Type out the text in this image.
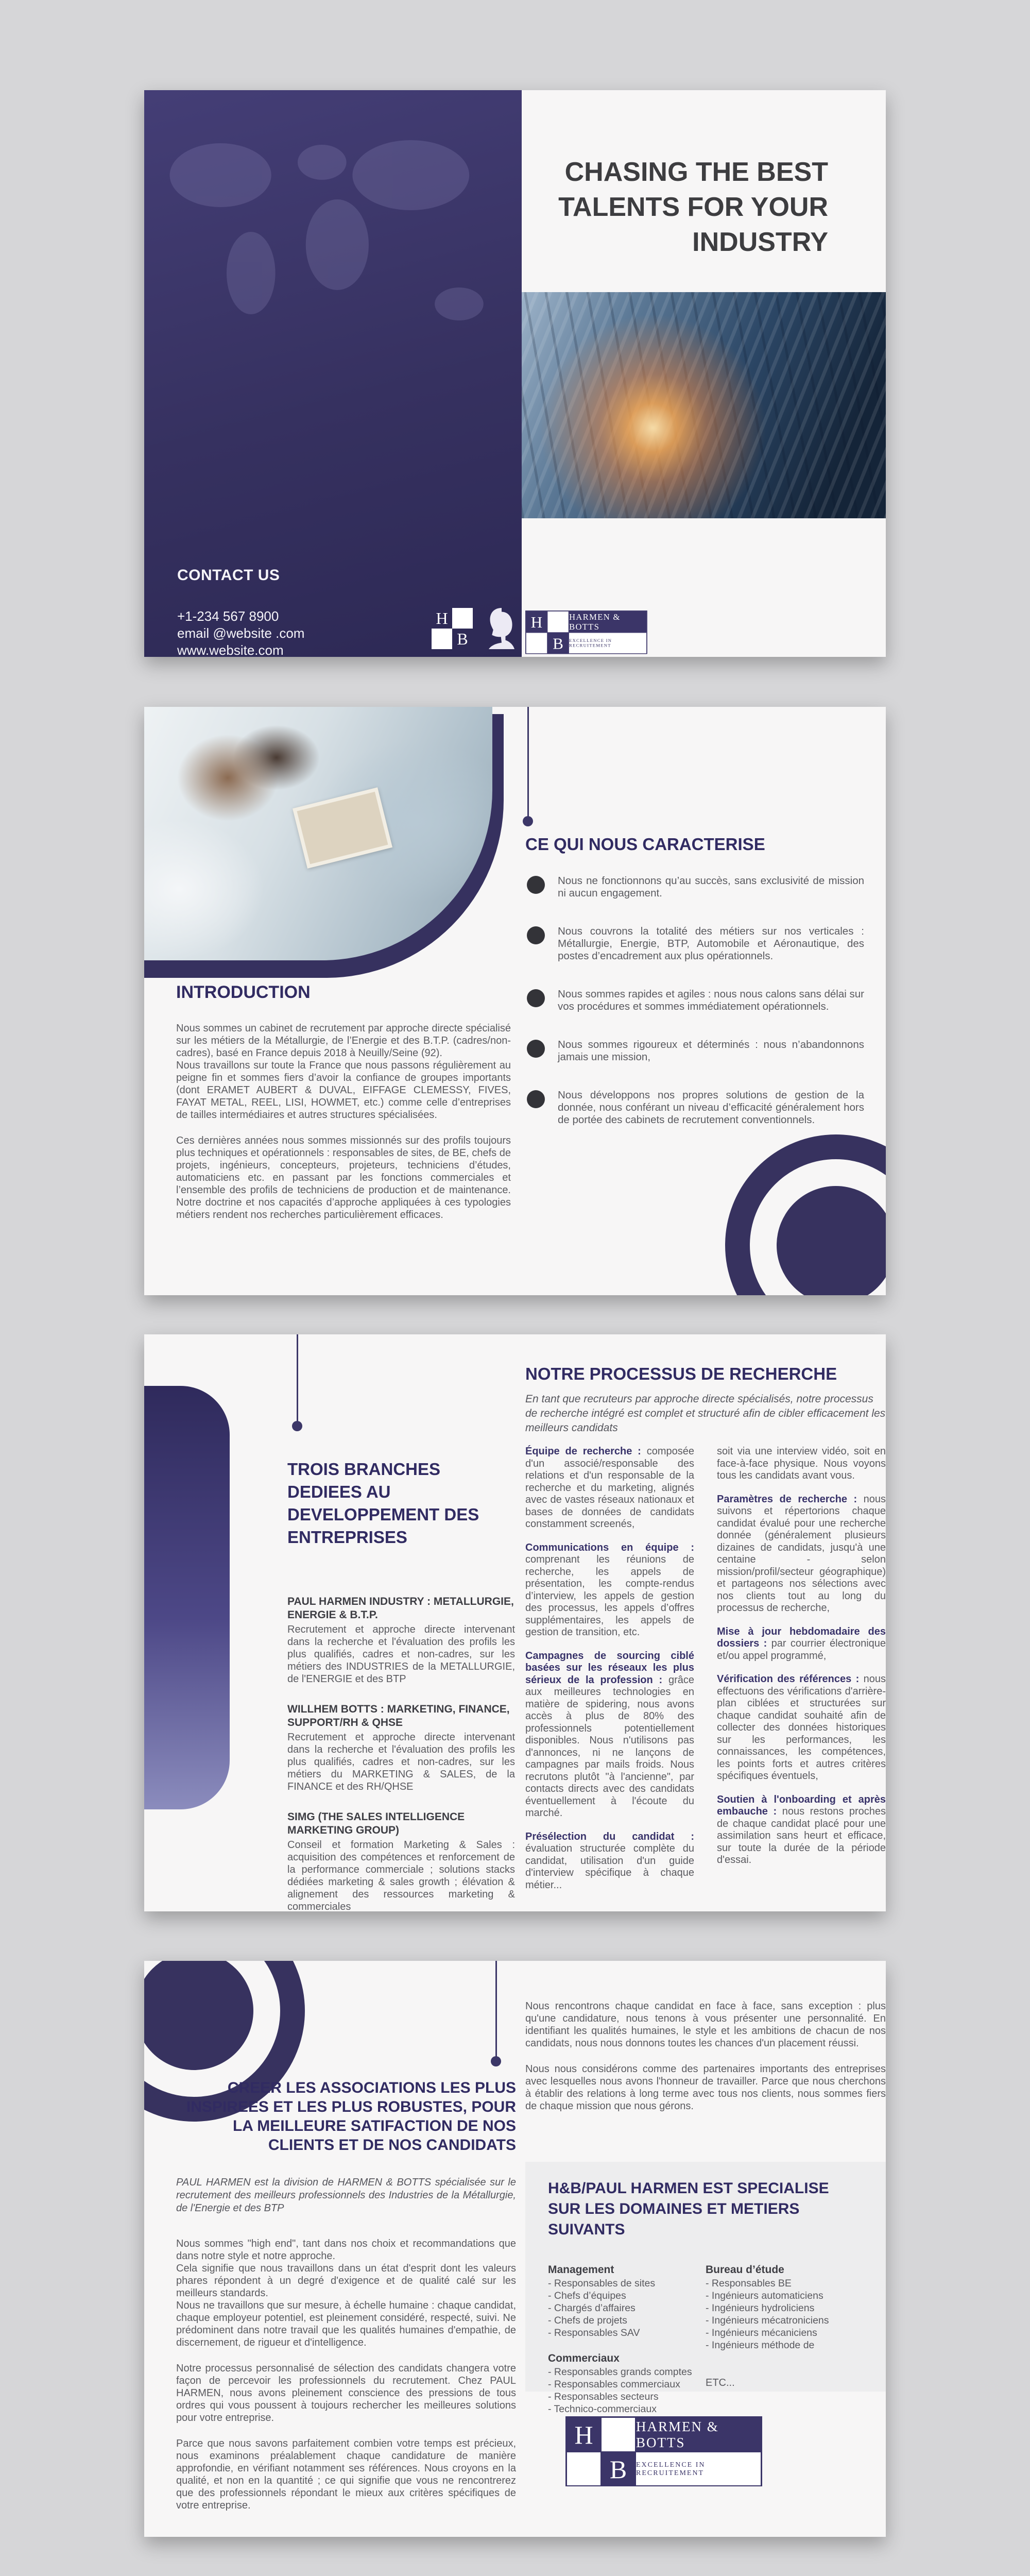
CONTACT US
+1-234 567 8900
email @website .com
www.website.com
H
B
CHASING THE BEST TALENTS FOR YOUR INDUSTRY
H HARMEN & BOTTS
B EXCELLENCE IN RECRUITEMENT
CE QUI NOUS CARACTERISE

Nous ne fonctionnons qu’au succès, sans exclusivité de mission ni aucun engagement.

Nous couvrons la totalité des métiers sur nos verticales : Métallurgie, Energie, BTP, Automobile et Aéronautique, des postes d’encadrement aux plus opérationnels.

Nous sommes rapides et agiles : nous nous calons sans délai sur vos procédures et sommes immédiatement opérationnels.

Nous sommes rigoureux et déterminés : nous n’abandonnons jamais une mission,

Nous développons nos propres solutions de gestion de la donnée, nous conférant un niveau d’efficacité généralement hors de portée des cabinets de recrutement conventionnels.

INTRODUCTION

Nous sommes un cabinet de recrutement par approche directe spécialisé sur les métiers de la Métallurgie, de l’Energie et des B.T.P. (cadres/non-cadres), basé en France depuis 2018 à Neuilly/Seine (92).

Nous travaillons sur toute la France que nous passons régulièrement au peigne fin et sommes fiers d’avoir la confiance de groupes importants (dont ERAMET AUBERT & DUVAL, EIFFAGE CLEMESSY, FIVES, FAYAT METAL, REEL, LISI, HOWMET, etc.) comme celle d’entreprises de tailles intermédiaires et autres structures spécialisées.

Ces dernières années nous sommes missionnés sur des profils toujours plus techniques et opérationnels : responsables de sites, de BE, chefs de projets, ingénieurs, concepteurs, projeteurs, techniciens d’études, automaticiens etc. en passant par les fonctions commerciales et l’ensemble des profils de techniciens de production et de maintenance. Notre doctrine et nos capacités d’approche appliquées à ces typologies métiers rendent nos recherches particulièrement efficaces.

TROIS BRANCHES DEDIEES AU DEVELOPPEMENT DES ENTREPRISES
PAUL HARMEN INDUSTRY : METALLURGIE, ENERGIE & B.T.P.

Recrutement et approche directe intervenant dans la recherche et l'évaluation des profils les plus qualifiés, cadres et non-cadres, sur les métiers des INDUSTRIES de la METALLURGIE, de l'ENERGIE et des BTP

WILLHEM BOTTS : MARKETING, FINANCE, SUPPORT/RH & QHSE

Recrutement et approche directe intervenant dans la recherche et l'évaluation des profils les plus qualifiés, cadres et non-cadres, sur les métiers du MARKETING & SALES, de la FINANCE et des RH/QHSE

SIMG (THE SALES INTELLIGENCE MARKETING GROUP)

Conseil et formation Marketing & Sales : acquisition des compétences et renforcement de la performance commerciale ; solutions stacks dédiées marketing & sales growth ; élévation & alignement des ressources marketing & commerciales

NOTRE PROCESSUS DE RECHERCHE

En tant que recruteurs par approche directe spécialisés, notre processus de recherche intégré est complet et structuré afin de cibler efficacement les meilleurs candidats

Équipe de recherche : composée d'un associé/responsable des relations et d'un responsable de la recherche et du marketing, alignés avec de vastes réseaux nationaux et bases de données de candidats constamment screenés,

Communications en équipe : comprenant les réunions de recherche, les appels de présentation, les compte-rendus d’interview, les appels de gestion des processus, les appels d’offres supplémentaires, les appels de gestion de transition, etc.

Campagnes de sourcing ciblé basées sur les réseaux les plus sérieux de la profession : grâce aux meilleures technologies en matière de spidering, nous avons accès à plus de 80% des professionnels potentiellement disponibles. Nous n'utilisons pas d'annonces, ni ne lançons de campagnes par mails froids. Nous recrutons plutôt "à l'ancienne", par contacts directs avec des candidats éventuellement à l'écoute du marché.

Présélection du candidat : évaluation structurée complète du candidat, utilisation d'un guide d'interview spécifique à chaque métier...

soit via une interview vidéo, soit en face-à-face physique. Nous voyons tous les candidats avant vous.

Paramètres de recherche : nous suivons et répertorions chaque candidat évalué pour une recherche donnée (généralement plusieurs dizaines de candidats, jusqu'à une centaine - selon mission/profil/secteur géographique) et partageons nos sélections avec nos clients tout au long du processus de recherche,

Mise à jour hebdomadaire des dossiers : par courrier électronique et/ou appel programmé,

Vérification des références : nous effectuons des vérifications d'arrière-plan ciblées et structurées sur chaque candidat souhaité afin de collecter des données historiques sur les performances, les connaissances, les compétences, les points forts et autres critères spécifiques éventuels,

Soutien à l'onboarding et après embauche : nous restons proches de chaque candidat placé pour une assimilation sans heurt et efficace, sur toute la durée de la période d'essai.

CREER LES ASSOCIATIONS LES PLUS INSPIREES ET LES PLUS ROBUSTES, POUR LA MEILLEURE SATIFACTION DE NOS CLIENTS ET DE NOS CANDIDATS

PAUL HARMEN est la division de HARMEN & BOTTS spécialisée sur le recrutement des meilleurs professionnels des Industries de la Métallurgie, de l'Energie et des BTP

Nous sommes "high end", tant dans nos choix et recommandations que dans notre style et notre approche.

Cela signifie que nous travaillons dans un état d'esprit dont les valeurs phares répondent à un degré d'exigence et de qualité calé sur les meilleurs standards.

Nous ne travaillons que sur mesure, à échelle humaine : chaque candidat, chaque employeur potentiel, est pleinement considéré, respecté, suivi. Ne prédominent dans notre travail que les qualités humaines d'empathie, de discernement, de rigueur et d'intelligence.

Notre processus personnalisé de sélection des candidats changera votre façon de percevoir les professionnels du recrutement. Chez PAUL HARMEN, nous avons pleinement conscience des pressions de tous ordres qui vous poussent à toujours rechercher les meilleures solutions pour votre entreprise.

Parce que nous savons parfaitement combien votre temps est précieux, nous examinons préalablement chaque candidature de manière approfondie, en vérifiant notamment ses références. Nous croyons en la qualité, et non en la quantité ; ce qui signifie que vous ne rencontrerez que des professionnels répondant le mieux aux critères spécifiques de votre entreprise.

Nous rencontrons chaque candidat en face à face, sans exception : plus qu'une candidature, nous tenons à vous présenter une personnalité. En identifiant les qualités humaines, le style et les ambitions de chacun de nos candidats, nous nous donnons toutes les chances d'un placement réussi.

Nous nous considérons comme des partenaires importants des entreprises avec lesquelles nous avons l'honneur de travailler. Parce que nous cherchons à établir des relations à long terme avec tous nos clients, nous sommes fiers de chaque mission que nous gérons.

H&B/PAUL HARMEN EST SPECIALISE SUR LES DOMAINES ET METIERS SUIVANTS
Management
- Responsables de sites
- Chefs d’équipes
- Chargés d’affaires
- Chefs de projets
- Responsables SAV
Commerciaux
- Responsables grands comptes
- Responsables commerciaux
- Responsables secteurs
- Technico-commerciaux
Bureau d’étude
- Responsables BE
- Ingénieurs automaticiens
- Ingénieurs hydroliciens
- Ingénieurs mécatroniciens
- Ingénieurs mécaniciens
- Ingénieurs méthode de
ETC...
H	HARMEN & BOTTS
B EXCELLENCE IN RECRUITEMENT
